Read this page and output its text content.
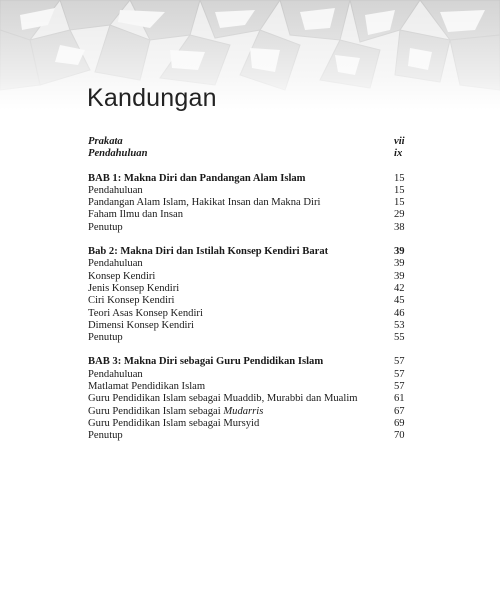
Kandungan
Prakata	vii
Pendahuluan	ix
BAB 1: Makna Diri dan Pandangan Alam Islam	15
Pendahuluan	15
Pandangan Alam Islam, Hakikat Insan dan Makna Diri	15
Faham Ilmu dan Insan	29
Penutup	38
Bab 2: Makna Diri dan Istilah Konsep Kendiri Barat	39
Pendahuluan	39
Konsep Kendiri	39
Jenis Konsep Kendiri	42
Ciri Konsep Kendiri	45
Teori Asas Konsep Kendiri	46
Dimensi Konsep Kendiri	53
Penutup	55
BAB 3: Makna Diri sebagai Guru Pendidikan Islam	57
Pendahuluan	57
Matlamat Pendidikan Islam	57
Guru Pendidikan Islam sebagai Muaddib, Murabbi dan Mualim	61
Guru Pendidikan Islam sebagai Mudarris	67
Guru Pendidikan Islam sebagai Mursyid	69
Penutup	70
